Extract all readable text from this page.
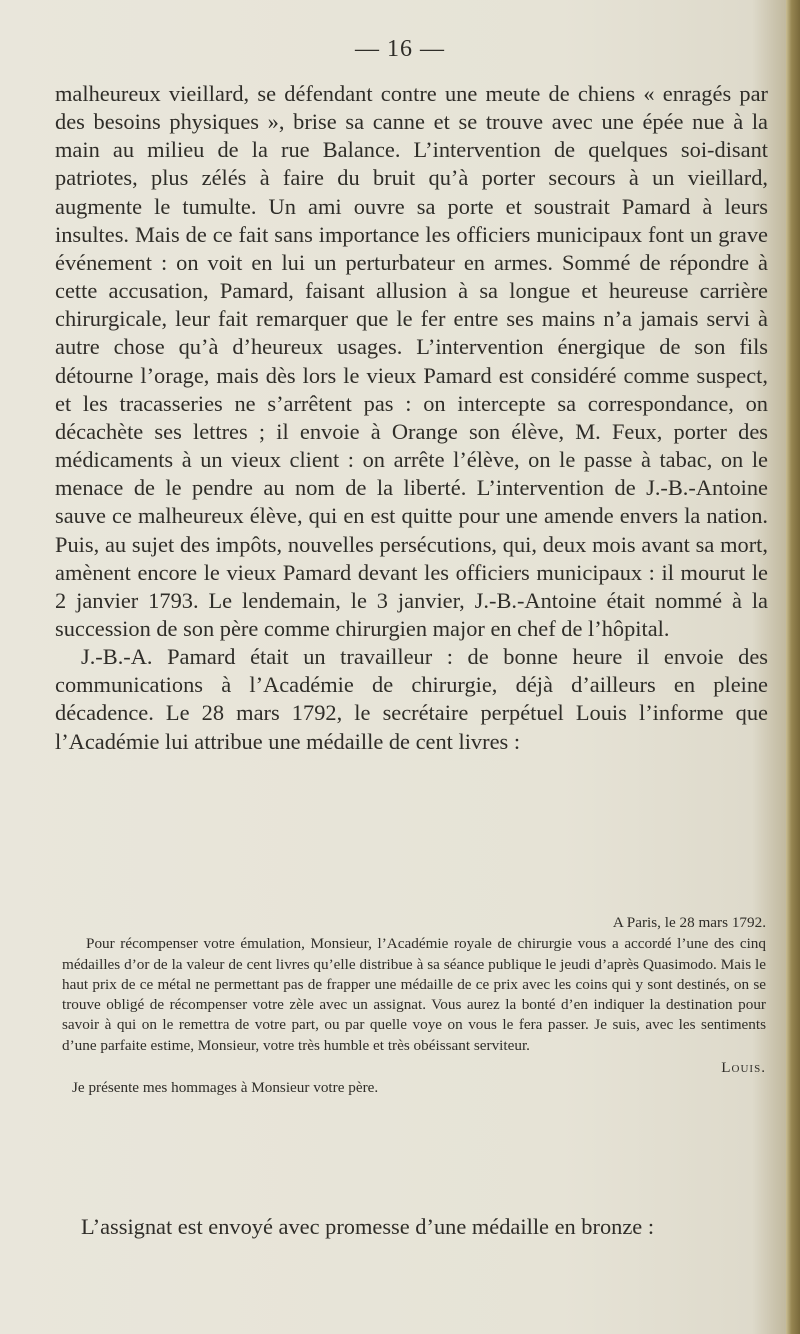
— 16 —

malheureux vieillard, se défendant contre une meute de chiens « enragés par des besoins physiques », brise sa canne et se trouve avec une épée nue à la main au milieu de la rue Balance. L’intervention de quelques soi-disant patriotes, plus zélés à faire du bruit qu’à porter secours à un vieillard, augmente le tumulte. Un ami ouvre sa porte et soustrait Pamard à leurs insultes. Mais de ce fait sans importance les officiers municipaux font un grave événement : on voit en lui un perturbateur en armes. Sommé de répondre à cette accusation, Pamard, faisant allusion à sa longue et heureuse carrière chirurgicale, leur fait remarquer que le fer entre ses mains n’a jamais servi à autre chose qu’à d’heureux usages. L’intervention énergique de son fils détourne l’orage, mais dès lors le vieux Pamard est considéré comme suspect, et les tracasseries ne s’arrêtent pas : on intercepte sa correspondance, on décachète ses lettres ; il envoie à Orange son élève, M. Feux, porter des médicaments à un vieux client : on arrête l’élève, on le passe à tabac, on le menace de le pendre au nom de la liberté. L’intervention de J.-B.-Antoine sauve ce malheureux élève, qui en est quitte pour une amende envers la nation. Puis, au sujet des impôts, nouvelles persécutions, qui, deux mois avant sa mort, amènent encore le vieux Pamard devant les officiers municipaux : il mourut le 2 janvier 1793. Le lendemain, le 3 janvier, J.-B.-Antoine était nommé à la succession de son père comme chirurgien major en chef de l’hôpital.

J.-B.-A. Pamard était un travailleur : de bonne heure il envoie des communications à l’Académie de chirurgie, déjà d’ailleurs en pleine décadence. Le 28 mars 1792, le secrétaire perpétuel Louis l’informe que l’Académie lui attribue une médaille de cent livres :

A Paris, le 28 mars 1792.
Pour récompenser votre émulation, Monsieur, l’Académie royale de chirurgie vous a accordé l’une des cinq médailles d’or de la valeur de cent livres qu’elle distribue à sa séance publique le jeudi d’après Quasimodo. Mais le haut prix de ce métal ne permettant pas de frapper une médaille de ce prix avec les coins qui y sont destinés, on se trouve obligé de récompenser votre zèle avec un assignat. Vous aurez la bonté d’en indiquer la destination pour savoir à qui on le remettra de votre part, ou par quelle voye on vous le fera passer. Je suis, avec les sentiments d’une parfaite estime, Monsieur, votre très humble et très obéissant serviteur.
Louis.
Je présente mes hommages à Monsieur votre père.

L’assignat est envoyé avec promesse d’une médaille en bronze :
